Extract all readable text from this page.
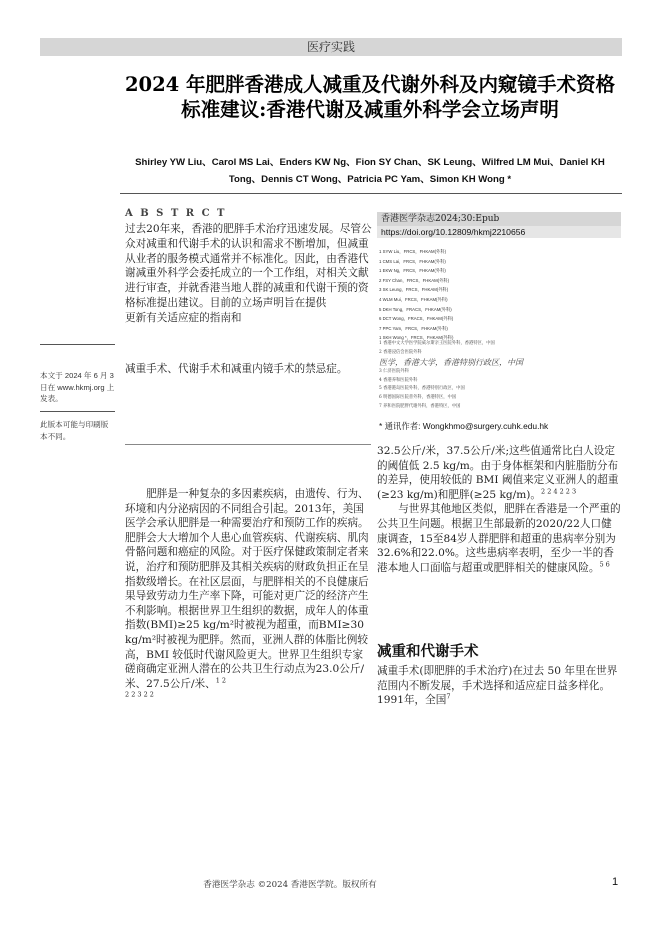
医疗实践
2024 年肥胖香港成人减重及代谢外科及内窥镜手术资格标准建议:香港代谢及减重外科学会立场声明
Shirley YW Liu、Carol MS Lai、Enders KW Ng、Fion SY Chan、SK Leung、Wilfred LM Mui、Daniel KH Tong、Dennis CT Wong、Patricia PC Yam、Simon KH Wong *
A B S T R C T

过去20年来，香港的肥胖手术治疗迅速发展。尽管公众对减重和代谢手术的认识和需求不断增加，但减重从业者的服务模式通常并不标准化。因此，由香港代谢减重外科学会委托成立的一个工作组，对相关文献进行审查，并就香港当地人群的减重和代谢干预的资格标准提出建议。目前的立场声明旨在提供

更新有关适应症的指南和

本文于 2024 年 6 月 3 日在 www.hkmj.org 上发表。
此版本可能与印刷版本不同。
减重手术、代谢手术和减重内镜手术的禁忌症。
香港医学杂志2024;30:Epub
https://doi.org/10.12809/hkmj2210656
1 SYW Liu，FRCS，FHKAM(外科)
1 CMS Lai，FRCS，FHKAM(外科)
1 EKW Ng，FRCS，FHKAM(外科)
2 FSY Chan，FRCS，FHKAM(外科)
3 SK Leung，FRCS，FHKAM(外科)
4 WLM Mui，FRCS，FHKAM(外科)
5 DKH Tong，FRACS，FHKAM(外科)
6 DCT Wong，FRACS，FHKAM(外科)
7 PPC Yam，FRCS，FHKAM(外科)
1 SKH Wong *，FRCS，FHKAM(外科)
1 香港中文大学医学院威尔斯亲王医院外科，香港特区，中国
2 香港浸信会医院外科
医学，香港大学，香港特别行政区，中国
3 仁济医院外科
4 香港养和医院外科
5 香港港岛医院外科，香港特别行政区，中国
6 明德国际医院普外科，香港特区，中国
7 养和医院肥胖代谢外科，香港特区，中国
* 通讯作者: Wongkhmo@surgery.cuhk.edu.hk

肥胖是一种复杂的多因素疾病，由遗传、行为、环境和内分泌病因的不同组合引起。2013年，美国医学会承认肥胖是一种需要治疗和预防工作的疾病。肥胖会大大增加个人患心血管疾病、代谢疾病、肌肉骨骼问题和癌症的风险。对于医疗保健政策制定者来说，治疗和预防肥胖及其相关疾病的财政负担正在呈指数级增长。在社区层面，与肥胖相关的不良健康后果导致劳动力生产率下降，可能对更广泛的经济产生不利影响。根据世界卫生组织的数据，成年人的体重指数(BMI)≥25 kg/m²时被视为超重，而BMI≥30 kg/m²时被视为肥胖。然而，亚洲人群的体脂比例较高，BMI 较低时代谢风险更大。世界卫生组织专家磋商确定亚洲人潜在的公共卫生行动点为23.0公斤/米、27.5公斤/米、$^{1 2}$
$^{2 2 3 2 2}$

32.5公斤/米，37.5公斤/米;这些值通常比白人设定的阈值低 2.5 kg/m。由于身体框架和内脏脂肪分布的差异，使用较低的 BMI 阈值来定义亚洲人的超重(≥23 kg/m)和肥胖(≥25 kg/m)。$^{2 2 4 2 2 3}$

与世界其他地区类似，肥胖在香港是一个严重的公共卫生问题。根据卫生部最新的2020/22人口健康调查，15至84岁人群肥胖和超重的患病率分别为32.6%和22.0%。这些患病率表明，至少一半的香港本地人口面临与超重或肥胖相关的健康风险。$^{5 6}$

减重和代谢手术

减重手术(即肥胖的手术治疗)在过去 50 年里在世界范围内不断发展，手术选择和适应症日益多样化。1991年，全国$^7$

香港医学杂志 ©2024 香港医学院。版权所有	1
